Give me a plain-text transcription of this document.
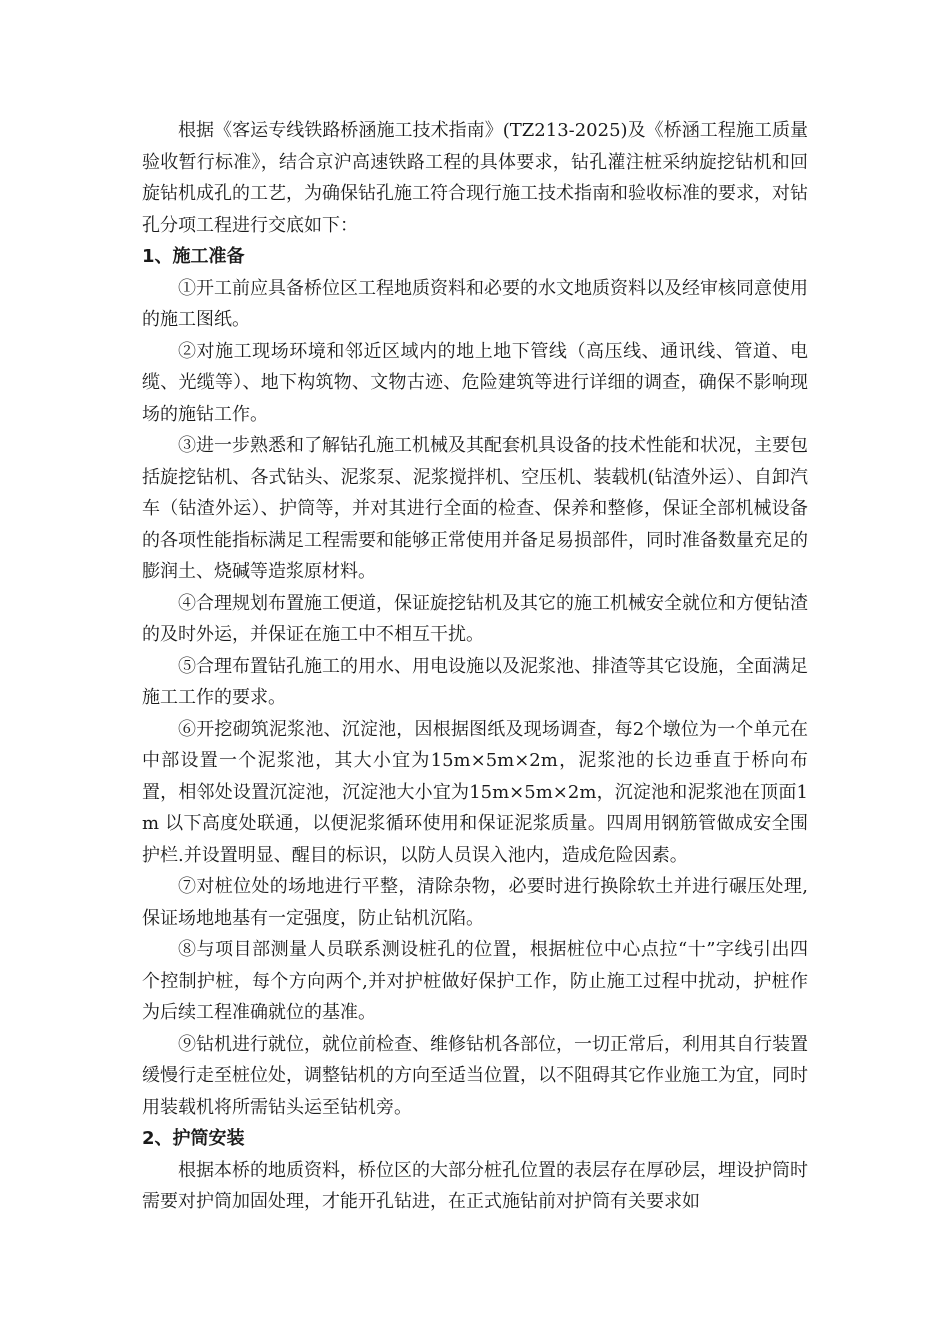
根据《客运专线铁路桥涵施工技术指南》(TZ213-2025)及《桥涵工程施工质量验收暂行标准》，结合京沪高速铁路工程的具体要求，钻孔灌注桩采纳旋挖钻机和回旋钻机成孔的工艺，为确保钻孔施工符合现行施工技术指南和验收标准的要求，对钻孔分项工程进行交底如下：

1、施工准备

①开工前应具备桥位区工程地质资料和必要的水文地质资料以及经审核同意使用的施工图纸。

②对施工现场环境和邻近区域内的地上地下管线（高压线、通讯线、管道、电缆、光缆等）、地下构筑物、文物古迹、危险建筑等进行详细的调查，确保不影响现场的施钻工作。

③进一步熟悉和了解钻孔施工机械及其配套机具设备的技术性能和状况，主要包括旋挖钻机、各式钻头、泥浆泵、泥浆搅拌机、空压机、装载机(钻渣外运）、自卸汽车（钻渣外运）、护筒等，并对其进行全面的检查、保养和整修，保证全部机械设备的各项性能指标满足工程需要和能够正常使用并备足易损部件，同时准备数量充足的膨润土、烧碱等造浆原材料。

④合理规划布置施工便道，保证旋挖钻机及其它的施工机械安全就位和方便钻渣的及时外运，并保证在施工中不相互干扰。

⑤合理布置钻孔施工的用水、用电设施以及泥浆池、排渣等其它设施，全面满足施工工作的要求。

⑥开挖砌筑泥浆池、沉淀池，因根据图纸及现场调查，每2个墩位为一个单元在中部设置一个泥浆池，其大小宜为15m×5m×2m，泥浆池的长边垂直于桥向布置，相邻处设置沉淀池，沉淀池大小宜为15m×5m×2m，沉淀池和泥浆池在顶面1m 以下高度处联通，以便泥浆循环使用和保证泥浆质量。四周用钢筋管做成安全围护栏.并设置明显、醒目的标识，以防人员误入池内，造成危险因素。

⑦对桩位处的场地进行平整，清除杂物，必要时进行换除软土并进行碾压处理,保证场地地基有一定强度，防止钻机沉陷。

⑧与项目部测量人员联系测设桩孔的位置，根据桩位中心点拉“十”字线引出四个控制护桩，每个方向两个,并对护桩做好保护工作，防止施工过程中扰动，护桩作为后续工程准确就位的基准。

⑨钻机进行就位，就位前检查、维修钻机各部位，一切正常后，利用其自行装置缓慢行走至桩位处，调整钻机的方向至适当位置，以不阻碍其它作业施工为宜，同时用装载机将所需钻头运至钻机旁。

2、护筒安装

根据本桥的地质资料，桥位区的大部分桩孔位置的表层存在厚砂层，埋设护筒时需要对护筒加固处理，才能开孔钻进，在正式施钻前对护筒有关要求如
